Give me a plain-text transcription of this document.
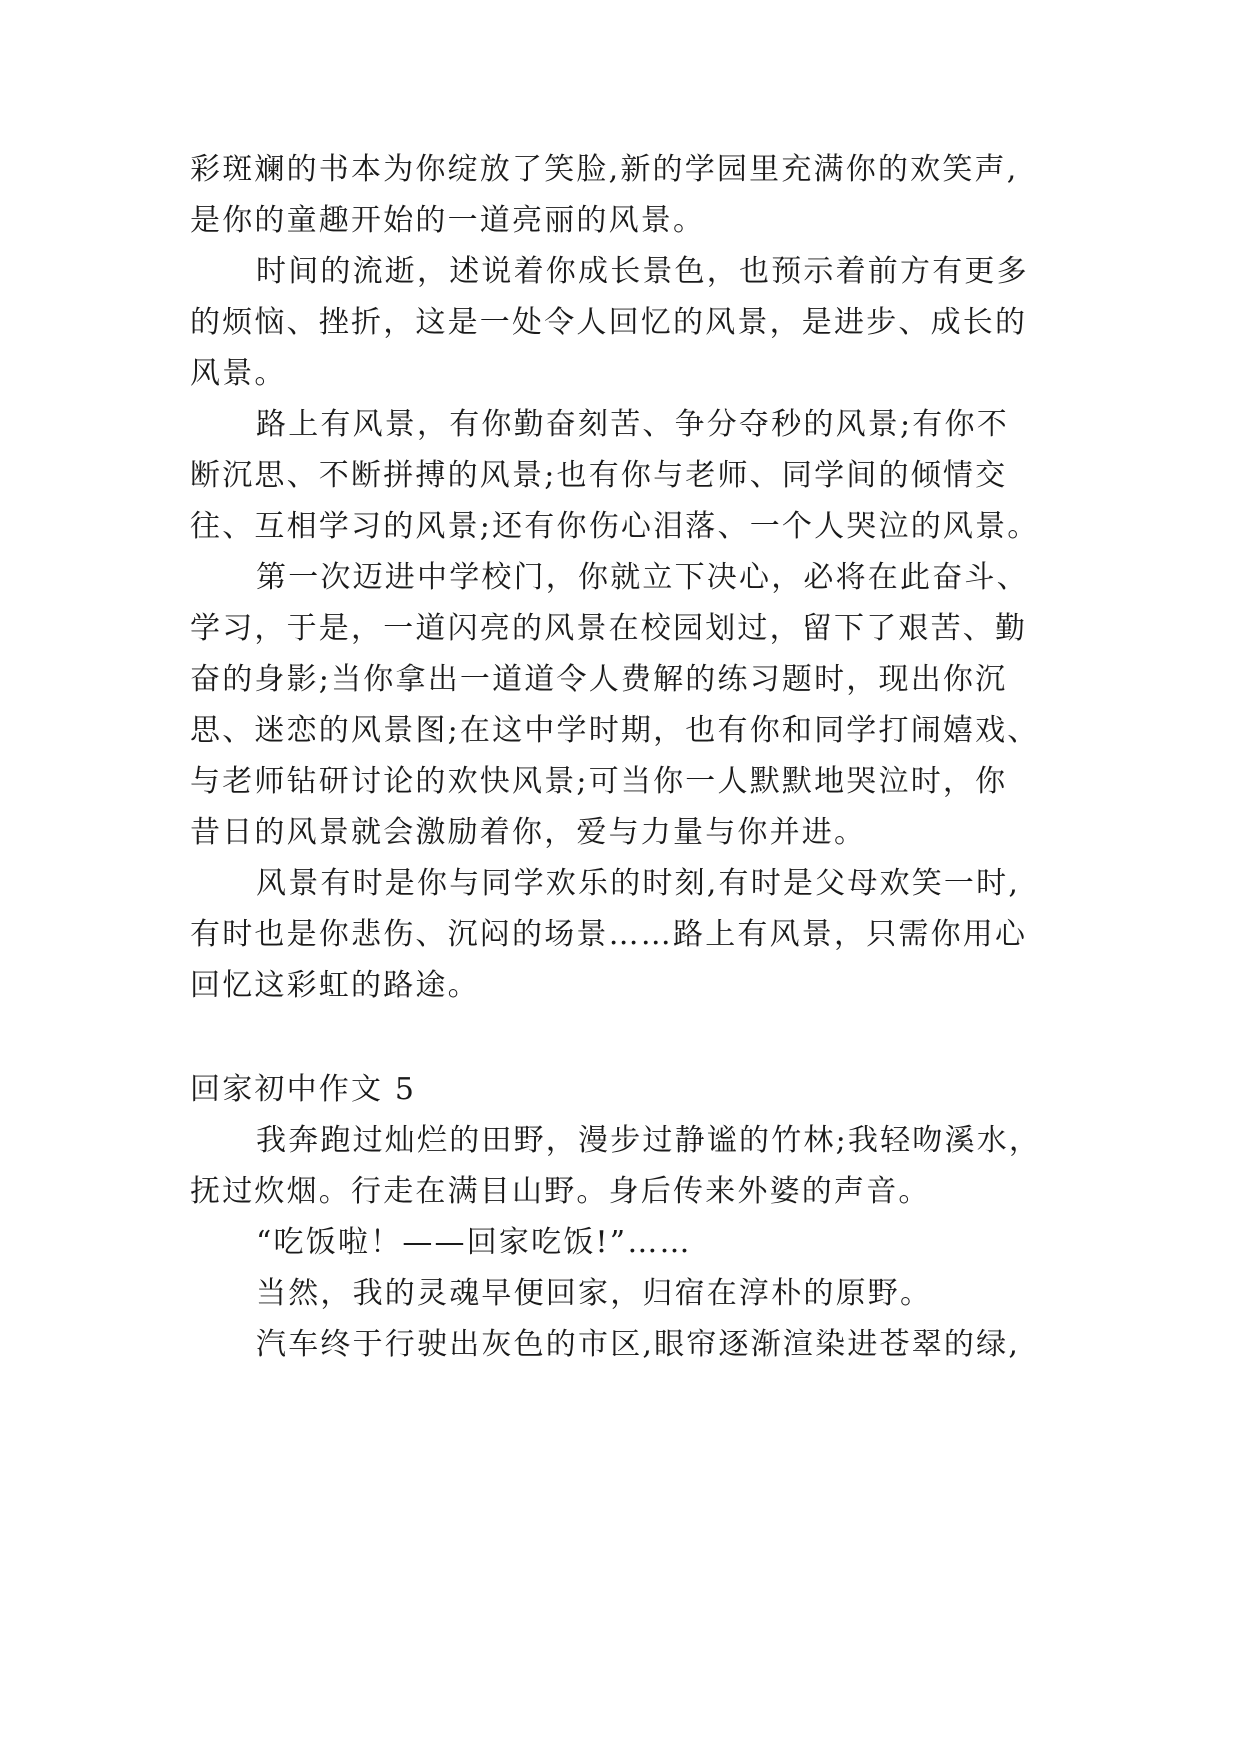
彩斑斓的书本为你绽放了笑脸,新的学园里充满你的欢笑声,
是你的童趣开始的一道亮丽的风景。
时间的流逝，述说着你成长景色，也预示着前方有更多
的烦恼、挫折，这是一处令人回忆的风景，是进步、成长的
风景。
路上有风景，有你勤奋刻苦、争分夺秒的风景;有你不
断沉思、不断拼搏的风景;也有你与老师、同学间的倾情交
往、互相学习的风景;还有你伤心泪落、一个人哭泣的风景。
第一次迈进中学校门，你就立下决心，必将在此奋斗、
学习，于是，一道闪亮的风景在校园划过，留下了艰苦、勤
奋的身影;当你拿出一道道令人费解的练习题时，现出你沉
思、迷恋的风景图;在这中学时期，也有你和同学打闹嬉戏、
与老师钻研讨论的欢快风景;可当你一人默默地哭泣时，你
昔日的风景就会激励着你，爱与力量与你并进。
风景有时是你与同学欢乐的时刻,有时是父母欢笑一时,
有时也是你悲伤、沉闷的场景……路上有风景，只需你用心
回忆这彩虹的路途。
回家初中作文 5
我奔跑过灿烂的田野，漫步过静谧的竹林;我轻吻溪水，
抚过炊烟。行走在满目山野。身后传来外婆的声音。
“吃饭啦！——回家吃饭!”……
当然，我的灵魂早便回家，归宿在淳朴的原野。
汽车终于行驶出灰色的市区,眼帘逐渐渲染进苍翠的绿,
